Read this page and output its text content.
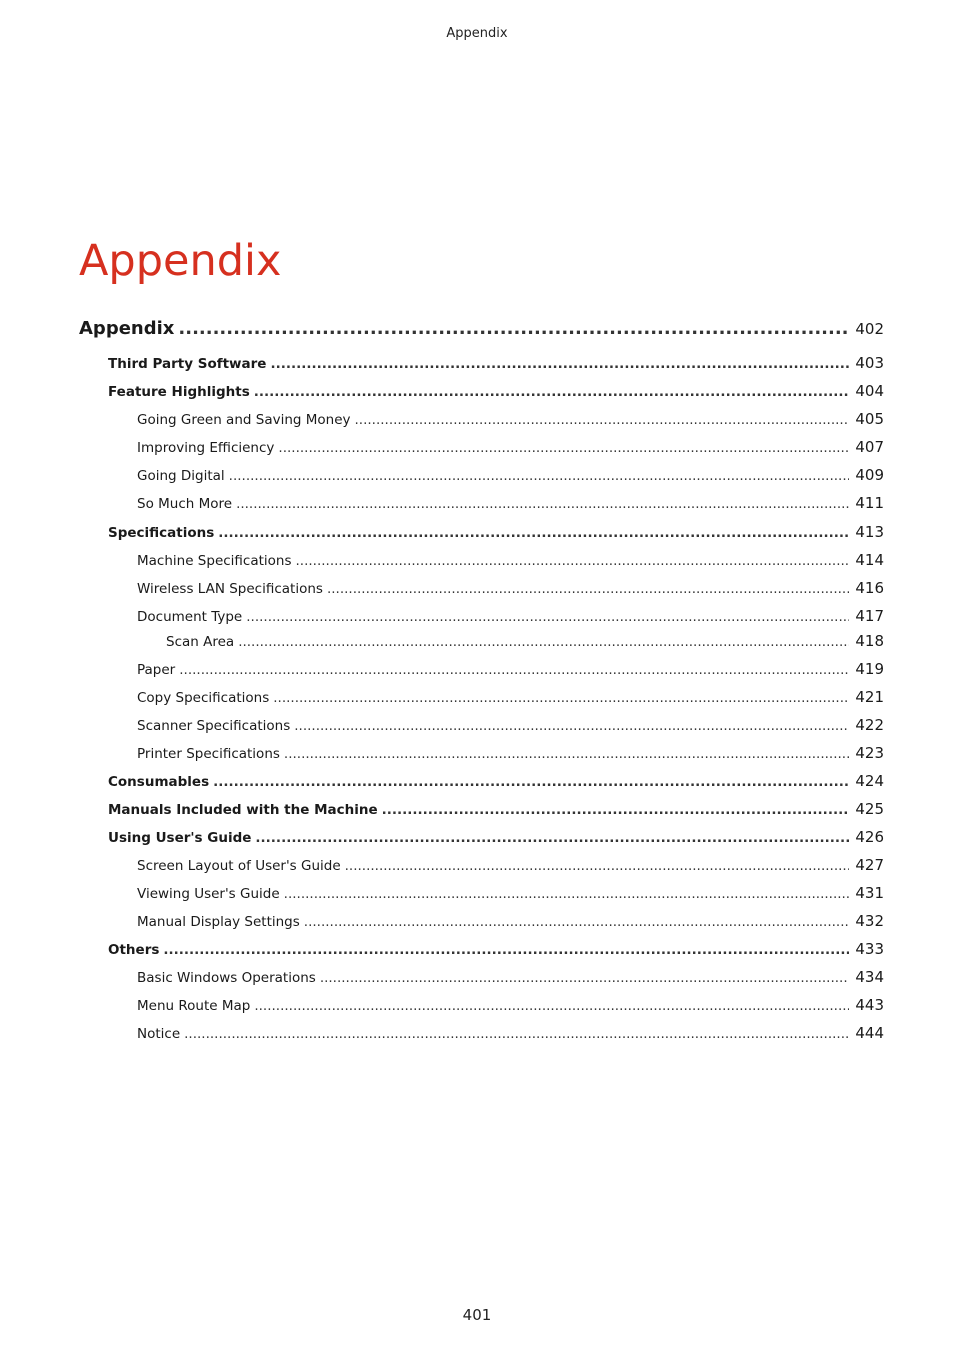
Appendix
Appendix
Appendix .....	402
Third Party Software .....	403
Feature Highlights .....	404
Going Green and Saving Money .....	405
Improving Efficiency .....	407
Going Digital .....	409
So Much More .....	411
Specifications .....	413
Machine Specifications .....	414
Wireless LAN Specifications .....	416
Document Type .....	417
Scan Area .....	418
Paper .....	419
Copy Specifications .....	421
Scanner Specifications .....	422
Printer Specifications .....	423
Consumables .....	424
Manuals Included with the Machine .....	425
Using User's Guide .....	426
Screen Layout of User's Guide .....	427
Viewing User's Guide .....	431
Manual Display Settings .....	432
Others .....	433
Basic Windows Operations .....	434
Menu Route Map .....	443
Notice .....	444
401
